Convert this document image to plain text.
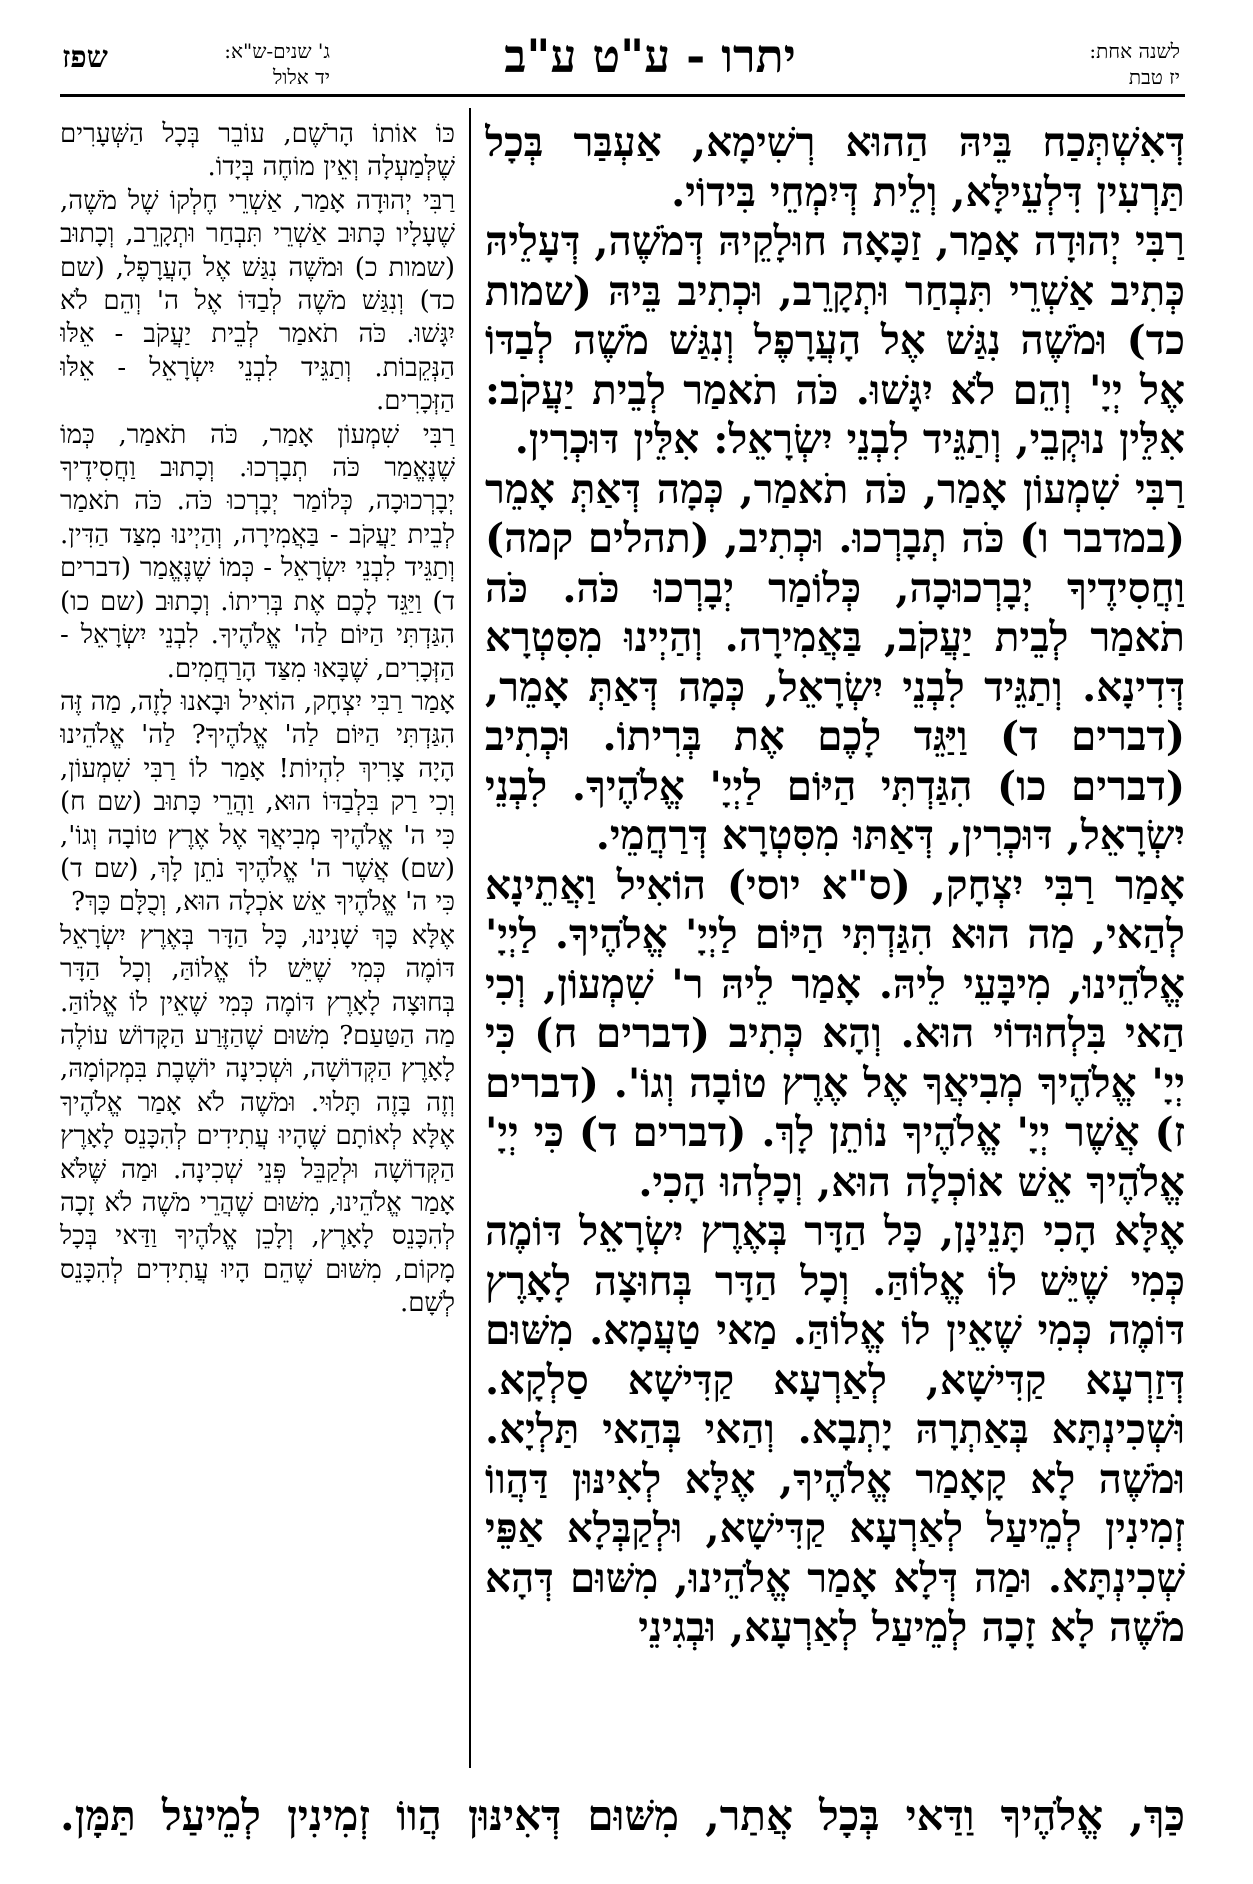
לשנה אחת:
יז טבת
יתרו - ע"ט ע"ב
ג' שנים-ש"א:
יד אלול
שפז

דְּאִשְׁתְּכַח בֵּיהּ הַהוּא רְשִׁימָא, אַעְבַּר בְּכָל תַּרְעִין דִּלְעֵילָּא, וְלֵית דְּיִמְחֵי בִּידוֹי.

רַבִּי יְהוּדָה אָמַר, זַכָּאָה חוּלָקֵיהּ דְּמֹשֶׁה, דְּעָלֵיהּ כְּתִיב אַשְׁרֵי תִּבְחַר וּתְקָרֵב, וּכְתִיב בֵּיהּ (שמות כד) וּמֹשֶׁה נִגַּשׁ אֶל הָעֲרָפֶל וְנִגַּשׁ מֹשֶׁה לְבַדּוֹ אֶל יְיָ' וְהֵם לֹא יִגָּשׁוּ. כֹּה תֹאמַר לְבֵית יַעֲקֹב: אִלֵּין נוּקְבֵי, וְתַגֵּיד לִבְנֵי יִשְׂרָאֵל: אִלֵּין דּוּכְרִין.

רַבִּי שִׁמְעוֹן אָמַר, כֹּה תֹאמַר, כְּמָה דְּאַתְּ אָמֵר (במדבר ו) כֹּה תְבָרְכוּ. וּכְתִיב, (תהלים קמה) וַחֲסִידֶיךָ יְבָרְכוּכָה, כְּלוֹמַר יְבָרְכוּ כֹּה. כֹּה תֹאמַר לְבֵית יַעֲקֹב, בַּאֲמִירָה. וְהַיְינוּ מִסִּטְרָא דְּדִינָא. וְתַגֵּיד לִבְנֵי יִשְׂרָאֵל, כְּמָה דְּאַתְּ אָמֵר, (דברים ד) וַיַּגֵּד לָכֶם אֶת בְּרִיתוֹ. וּכְתִיב (דברים כו) הִגַּדְתִּי הַיּוֹם לַיְיָ' אֱלֹהֶיךָ. לִבְנֵי יִשְׂרָאֵל, דּוּכְרִין, דְּאַתּוּ מִסִּטְרָא דְּרַחֲמֵי.

אָמַר רַבִּי יִצְחָק, (ס"א יוסי) הוֹאִיל וַאֲתֵינָא לְהַאי, מַה הוּא הִגַּדְתִּי הַיּוֹם לַיְיָ' אֱלֹהֶיךָ. לַיְיָ' אֱלֹהֵינוּ, מִיבָּעֵי לֵיהּ. אָמַר לֵיהּ ר' שִׁמְעוֹן, וְכִי הַאי בִּלְחוּדוֹי הוּא. וְהָא כְּתִיב (דברים ח) כִּי יְיָ' אֱלֹהֶיךָ מְבִיאֲךָ אֶל אֶרֶץ טוֹבָה וְגוֹ'. (דברים ז) אֲשֶׁר יְיָ' אֱלֹהֶיךָ נוֹתֵן לָךְ. (דברים ד) כִּי יְיָ' אֱלֹהֶיךָ אֵשׁ אוֹכְלָה הוּא, וְכָלְהוּ הָכִי.

אֶלָּא הָכִי תָּנֵינָן, כָּל הַדָּר בְּאֶרֶץ יִשְׂרָאֵל דּוֹמֶה כְּמִי שֶׁיֵּשׁ לוֹ אֱלוֹהַּ. וְכָל הַדָּר בְּחוּצָה לָאָרֶץ דּוֹמֶה כְּמִי שֶׁאֵין לוֹ אֱלוֹהַּ. מַאי טַעֲמָא. מִשּׁוּם דְּזַרְעָא קַדִּישָׁא, לְאַרְעָא קַדִּישָׁא סַלְקָא. וּשְׁכִינְתָּא בְּאַתְרָהּ יָתְבָא. וְהַאי בְּהַאי תַּלְיָא. וּמֹשֶׁה לָא קָאָמַר אֱלֹהֶיךָ, אֶלָּא לְאִינּוּן דַּהֲווֹ זְמִינִין לְמֵיעַל לְאַרְעָא קַדִּישָׁא, וּלְקַבְּלָא אַפֵּי שְׁכִינְתָּא. וּמַה דְּלָא אָמַר אֱלֹהֵינוּ, מִשּׁוּם דְּהָא מֹשֶׁה לָא זָכָה לְמֵיעַל לְאַרְעָא, וּבְגִינֵי

כּוֹ אוֹתוֹ הָרֹשֶׁם, עוֹבֵר בְּכָל הַשְּׁעָרִים שֶׁלְּמַעְלָה וְאֵין מוֹחֶה בְּיָדוֹ.

רַבִּי יְהוּדָה אָמַר, אַשְׁרֵי חֶלְקוֹ שֶׁל מֹשֶׁה, שֶׁעָלָיו כָּתוּב אַשְׁרֵי תִּבְחַר וּתְקָרֵב, וְכָתוּב (שמות כ) וּמֹשֶׁה נִגַּשׁ אֶל הָעֲרָפֶל, (שם כד) וְנִגַּשׁ מֹשֶׁה לְבַדּוֹ אֶל ה' וְהֵם לֹא יִגָּשׁוּ. כֹּה תֹאמַר לְבֵית יַעֲקֹב - אֵלּוּ הַנְּקֵבוֹת. וְתַגֵּיד לִבְנֵי יִשְׂרָאֵל - אֵלּוּ הַזְּכָרִים.

רַבִּי שִׁמְעוֹן אָמַר, כֹּה תֹאמַר, כְּמוֹ שֶׁנֶּאֱמַר כֹּה תְבָרְכוּ. וְכָתוּב וַחֲסִידֶיךָ יְבָרְכוּכָה, כְּלוֹמַר יְבָרְכוּ כֹּה. כֹּה תֹאמַר לְבֵית יַעֲקֹב - בַּאֲמִירָה, וְהַיְינוּ מִצַּד הַדִּין. וְתַגֵּיד לִבְנֵי יִשְׂרָאֵל - כְּמוֹ שֶׁנֶּאֱמַר (דברים ד) וַיַּגֵּד לָכֶם אֶת בְּרִיתוֹ. וְכָתוּב (שם כו) הִגַּדְתִּי הַיּוֹם לַה' אֱלֹהֶיךָ. לִבְנֵי יִשְׂרָאֵל - הַזְּכָרִים, שֶׁבָּאוּ מִצַּד הָרַחֲמִים.

אָמַר רַבִּי יִצְחָק, הוֹאִיל וּבָאנוּ לָזֶה, מַה זֶּה הִגַּדְתִּי הַיּוֹם לַה' אֱלֹהֶיךָ? לַה' אֱלֹהֵינוּ הָיָה צָרִיךְ לִהְיוֹת! אָמַר לוֹ רַבִּי שִׁמְעוֹן, וְכִי רַק בִּלְבַדּוֹ הוּא, וַהֲרֵי כָּתוּב (שם ח) כִּי ה' אֱלֹהֶיךָ מְבִיאֲךָ אֶל אֶרֶץ טוֹבָה וְגוֹ', (שם) אֲשֶׁר ה' אֱלֹהֶיךָ נֹתֵן לָךְ, (שם ד) כִּי ה' אֱלֹהֶיךָ אֵשׁ אֹכְלָה הוּא, וְכֻלָּם כָּךְ?

אֶלָּא כָּךְ שָׁנִינוּ, כָּל הַדָּר בְּאֶרֶץ יִשְׂרָאֵל דּוֹמֶה כְּמִי שֶׁיֵּשׁ לוֹ אֱלוֹהַּ, וְכָל הַדָּר בְּחוּצָה לָאָרֶץ דּוֹמֶה כְּמִי שֶׁאֵין לוֹ אֱלוֹהַּ. מַה הַטַּעַם? מִשּׁוּם שֶׁהַזֶּרַע הַקָּדוֹשׁ עוֹלֶה לָאָרֶץ הַקְּדוֹשָׁה, וּשְׁכִינָה יוֹשֶׁבֶת בִּמְקוֹמָהּ, וְזֶה בָּזֶה תָּלוּי. וּמֹשֶׁה לֹא אָמַר אֱלֹהֶיךָ אֶלָּא לְאוֹתָם שֶׁהָיוּ עֲתִידִים לְהִכָּנֵס לָאָרֶץ הַקְּדוֹשָׁה וּלְקַבֵּל פְּנֵי שְׁכִינָה. וּמַה שֶּׁלֹּא אָמַר אֱלֹהֵינוּ, מִשּׁוּם שֶׁהֲרֵי מֹשֶׁה לֹא זָכָה לְהִכָּנֵס לָאָרֶץ, וְלָכֵן אֱלֹהֶיךָ וַדַּאי בְּכָל מָקוֹם, מִשּׁוּם שֶׁהֵם הָיוּ עֲתִידִים לְהִכָּנֵס לְשָׁם.

כַּךְ, אֱלֹהֶיךָ וַדַּאי בְּכָל אֲתַר, מִשּׁוּם דְּאִינּוּן הֲווֹ זְמִינִין לְמֵיעַל תַּמָּן.
